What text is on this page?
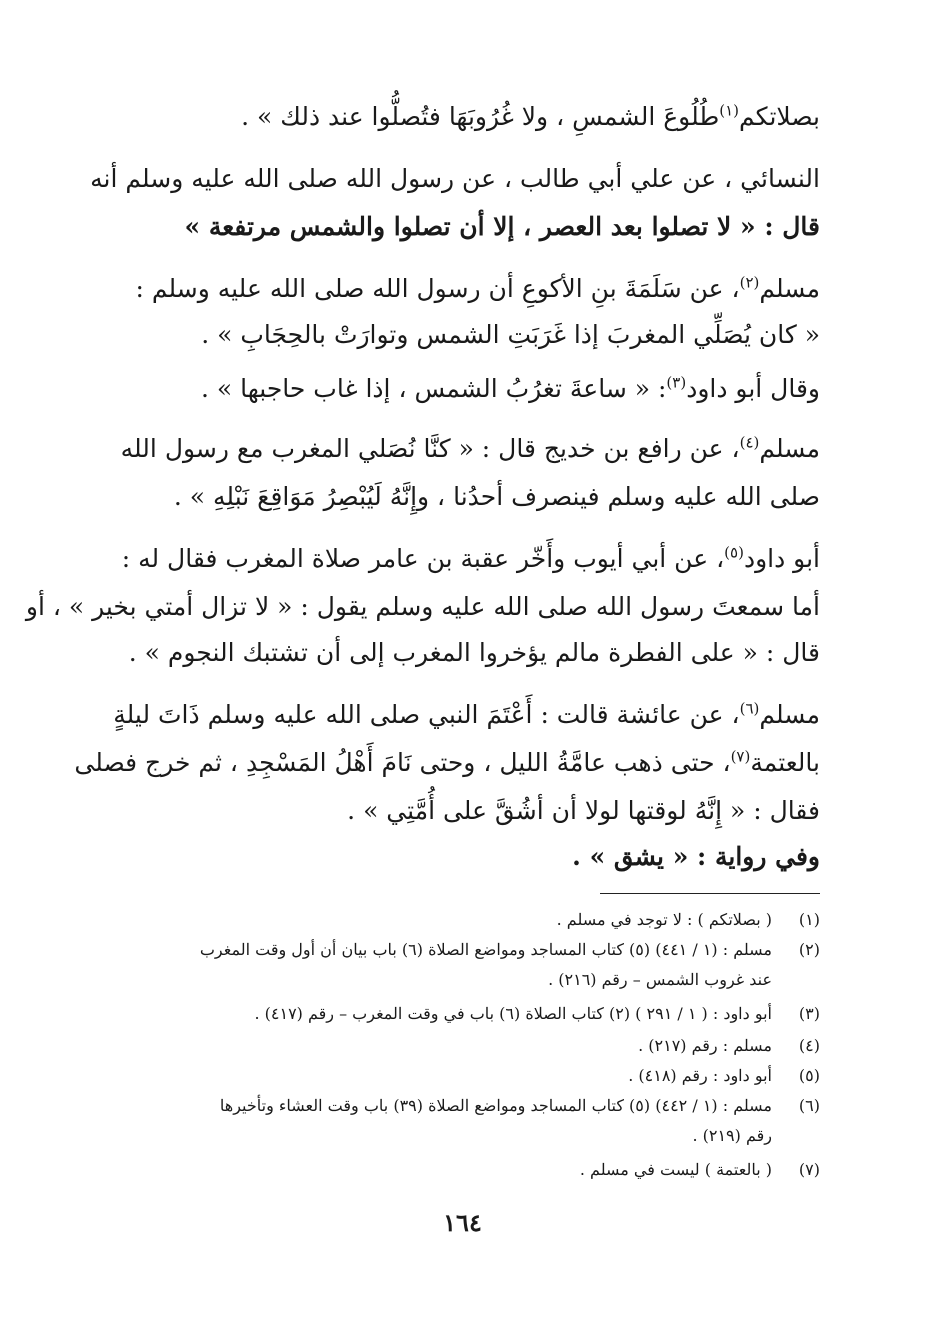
بصلاتكم$^{(١)}$طُلُوعَ الشمسِ ، ولا غُرُوبَهَا فتُصلُّوا عند ذلك » .
النسائي ، عن علي أبي طالب ، عن رسول الله صلى الله عليه وسلم أنه
قال : « لا تصلوا بعد العصر ، إلا أن تصلوا والشمس مرتفعة »
مسلم$^{(٢)}$، عن سَلَمَةَ بنِ الأكوعِ أن رسول الله صلى الله عليه وسلم :
« كان يُصَلِّي المغربَ إذا غَرَبَتِ الشمس وتوارَتْ بالحِجَابِ » .
وقال أبو داود$^{(٣)}$: « ساعةَ تغرُبُ الشمس ، إذا غاب حاجبها » .
مسلم$^{(٤)}$، عن رافع بن خديج قال : « كنَّا نُصَلي المغرب مع رسول الله
صلى الله عليه وسلم فينصرف أحدُنا ، وإِنَّهُ لَيُبْصِرُ مَوَاقِعَ نَبْلِهِ » .
أبو داود$^{(٥)}$، عن أبي أيوب وأَخّر عقبة بن عامر صلاة المغرب فقال له :
أما سمعتَ رسول الله صلى الله عليه وسلم يقول : « لا تزال أمتي بخير » ، أو
قال : « على الفطرة مالم يؤخروا المغرب إلى أن تشتبك النجوم » .
مسلم$^{(٦)}$، عن عائشة قالت : أَعْتَمَ النبي صلى الله عليه وسلم ذَاتَ ليلةٍ
بالعتمة$^{(٧)}$، حتى ذهب عامَّةُ الليل ، وحتى نَامَ أَهْلُ المَسْجِدِ ، ثم خرج فصلى
فقال : « إِنَّهُ لوقتها لولا أن أشُقَّ على أُمَّتِي » .
وفي رواية : « يشق » .
(١)
( بصلاتكم ) : لا توجد في مسلم .
(٢)
مسلم : (١ / ٤٤١) (٥) كتاب المساجد ومواضع الصلاة (٦) باب بيان أن أول وقت المغرب
عند غروب الشمس – رقم (٢١٦) .
(٣)
أبو داود : ( ١ / ٢٩١ ) (٢) كتاب الصلاة (٦) باب في وقت المغرب – رقم (٤١٧) .
(٤)
مسلم : رقم (٢١٧) .
(٥)
أبو داود : رقم (٤١٨) .
(٦)
مسلم : (١ / ٤٤٢) (٥) كتاب المساجد ومواضع الصلاة (٣٩) باب وقت العشاء وتأخيرها
رقم (٢١٩) .
(٧)
( بالعتمة ) ليست في مسلم .
١٦٤
